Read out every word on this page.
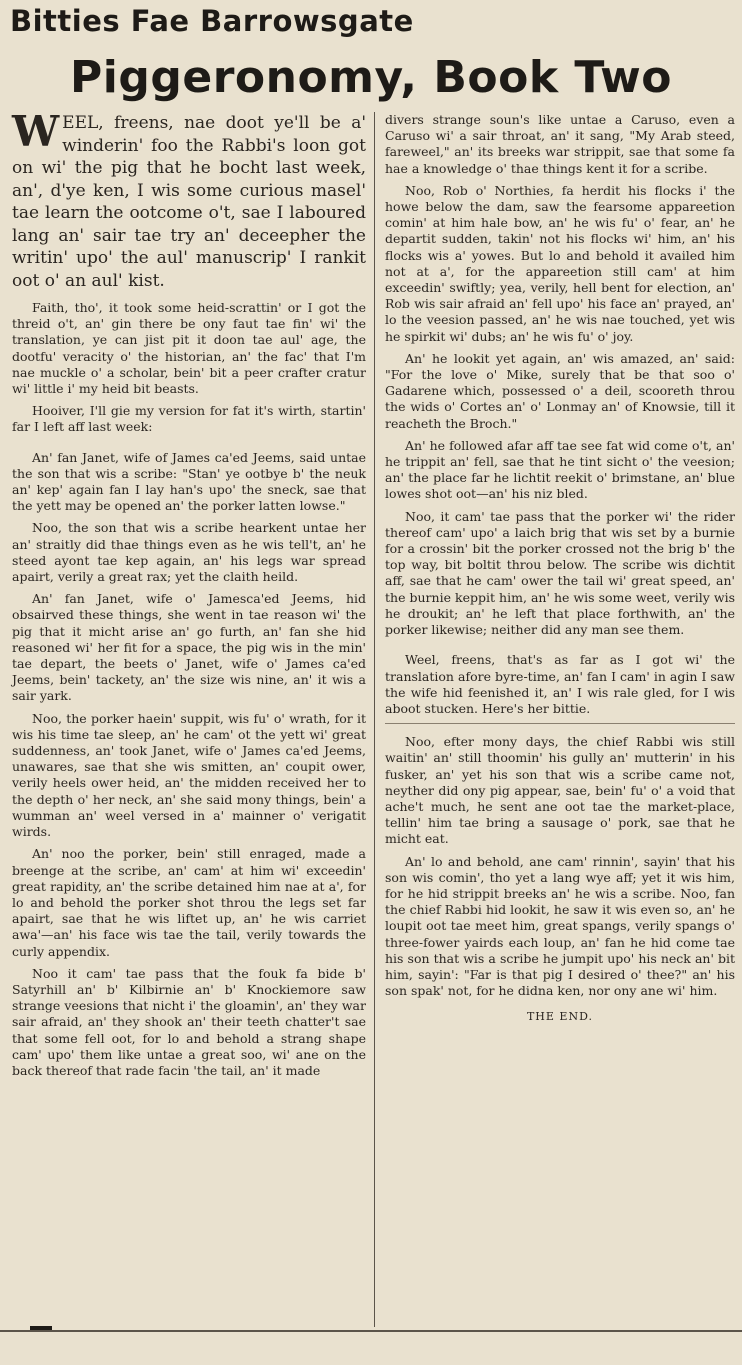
Bitties Fae Barrowsgate
Piggeronomy, Book Two

WEEL, freens, nae doot ye'll be a' winderin' foo the Rabbi's loon got on wi' the pig that he bocht last week, an', d'ye ken, I wis some curious masel' tae learn the ootcome o't, sae I laboured lang an' sair tae try an' deceepher the writin' upo' the aul' manuscrip' I rankit oot o' an aul' kist.

Faith, tho', it took some heid-scrattin' or I got the threid o't, an' gin there be ony faut tae fin' wi' the translation, ye can jist pit it doon tae aul' age, the dootfu' veracity o' the historian, an' the fac' that I'm nae muckle o' a scholar, bein' bit a peer crafter cratur wi' little i' my heid bit beasts.

Hooiver, I'll gie my version for fat it's wirth, startin' far I left aff last week:

An' fan Janet, wife of James ca'ed Jeems, said untae the son that wis a scribe: "Stan' ye ootbye b' the neuk an' kep' again fan I lay han's upo' the sneck, sae that the yett may be opened an' the porker latten lowse."

Noo, the son that wis a scribe hearkent untae her an' straitly did thae things even as he wis tell't, an' he steed ayont tae kep again, an' his legs war spread apairt, verily a great rax; yet the claith heild.

An' fan Janet, wife o' Jamesca'ed Jeems, hid obsairved these things, she went in tae reason wi' the pig that it micht arise an' go furth, an' fan she hid reasoned wi' her fit for a space, the pig wis in the min' tae depart, the beets o' Janet, wife o' James ca'ed Jeems, bein' tackety, an' the size wis nine, an' it wis a sair yark.

Noo, the porker haein' suppit, wis fu' o' wrath, for it wis his time tae sleep, an' he cam' ot the yett wi' great suddenness, an' took Janet, wife o' James ca'ed Jeems, unawares, sae that she wis smitten, an' coupit ower, verily heels ower heid, an' the midden received her to the depth o' her neck, an' she said mony things, bein' a wumman an' weel versed in a' mainner o' verigatit wirds.

An' noo the porker, bein' still enraged, made a breenge at the scribe, an' cam' at him wi' exceedin' great rapidity, an' the scribe detained him nae at a', for lo and behold the porker shot throu the legs set far apairt, sae that he wis liftet up, an' he wis carriet awa'—an' his face wis tae the tail, verily towards the curly appendix.

Noo it cam' tae pass that the fouk fa bide b' Satyrhill an' b' Kilbirnie an' b' Knockiemore saw strange veesions that nicht i' the gloamin', an' they war sair afraid, an' they shook an' their teeth chatter't sae that some fell oot, for lo and behold a strang shape cam' upo' them like untae a great soo, wi' ane on the back thereof that rade facin 'the tail, an' it made

divers strange soun's like untae a Caruso, even a Caruso wi' a sair throat, an' it sang, "My Arab steed, fareweel," an' its breeks war strippit, sae that some fa hae a knowledge o' thae things kent it for a scribe.

Noo, Rob o' Northies, fa herdit his flocks i' the howe below the dam, saw the fearsome appareetion comin' at him hale bow, an' he wis fu' o' fear, an' he departit sudden, takin' not his flocks wi' him, an' his flocks wis a' yowes. But lo and behold it availed him not at a', for the appareetion still cam' at him exceedin' swiftly; yea, verily, hell bent for election, an' Rob wis sair afraid an' fell upo' his face an' prayed, an' lo the veesion passed, an' he wis nae touched, yet wis he spirkit wi' dubs; an' he wis fu' o' joy.

An' he lookit yet again, an' wis amazed, an' said: "For the love o' Mike, surely that be that soo o' Gadarene which, possessed o' a deil, scooreth throu the wids o' Cortes an' o' Lonmay an' of Knowsie, till it reacheth the Broch."

An' he followed afar aff tae see fat wid come o't, an' he trippit an' fell, sae that he tint sicht o' the veesion; an' the place far he lichtit reekit o' brimstane, an' blue lowes shot oot—an' his niz bled.

Noo, it cam' tae pass that the porker wi' the rider thereof cam' upo' a laich brig that wis set by a burnie for a crossin' bit the porker crossed not the brig b' the top way, bit boltit throu below. The scribe wis dichtit aff, sae that he cam' ower the tail wi' great speed, an' the burnie keppit him, an' he wis some weet, verily wis he droukit; an' he left that place forthwith, an' the porker likewise; neither did any man see them.

Weel, freens, that's as far as I got wi' the translation afore byre-time, an' fan I cam' in agin I saw the wife hid feenished it, an' I wis rale gled, for I wis aboot stucken. Here's her bittie.

Noo, efter mony days, the chief Rabbi wis still waitin' an' still thoomin' his gully an' mutterin' in his fusker, an' yet his son that wis a scribe came not, neyther did ony pig appear, sae, bein' fu' o' a void that ache't much, he sent ane oot tae the market-place, tellin' him tae bring a sausage o' pork, sae that he micht eat.

An' lo and behold, ane cam' rinnin', sayin' that his son wis comin', tho yet a lang wye aff; yet it wis him, for he hid strippit breeks an' he wis a scribe. Noo, fan the chief Rabbi hid lookit, he saw it wis even so, an' he loupit oot tae meet him, great spangs, verily spangs o' three-fower yairds each loup, an' fan he hid come tae his son that wis a scribe he jumpit upo' his neck an' bit him, sayin': "Far is that pig I desired o' thee?" an' his son spak' not, for he didna ken, nor ony ane wi' him.

THE END.
